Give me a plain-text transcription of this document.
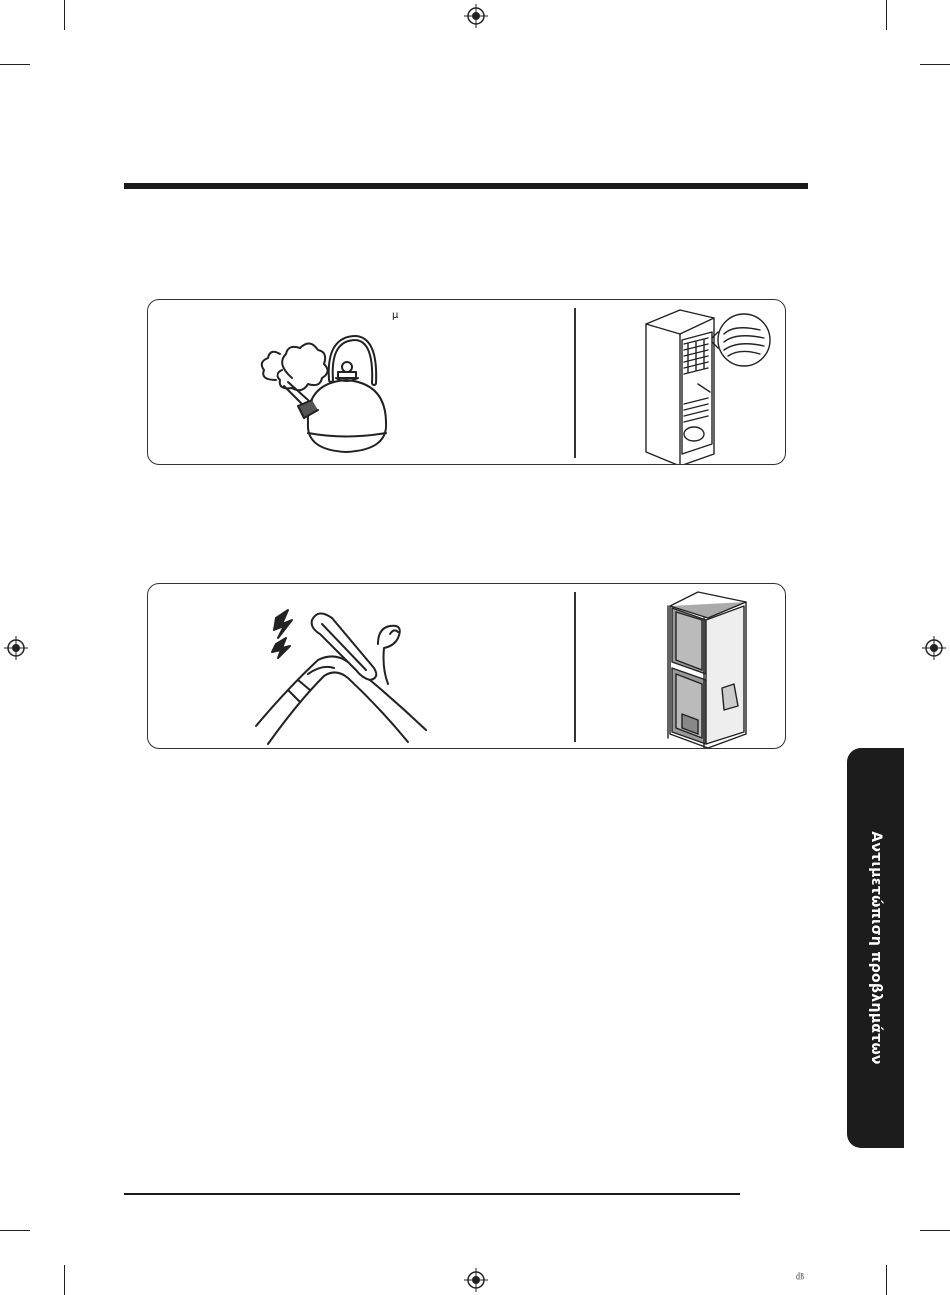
μ
Αντιμετώπιση προβλημάτων
㏈
